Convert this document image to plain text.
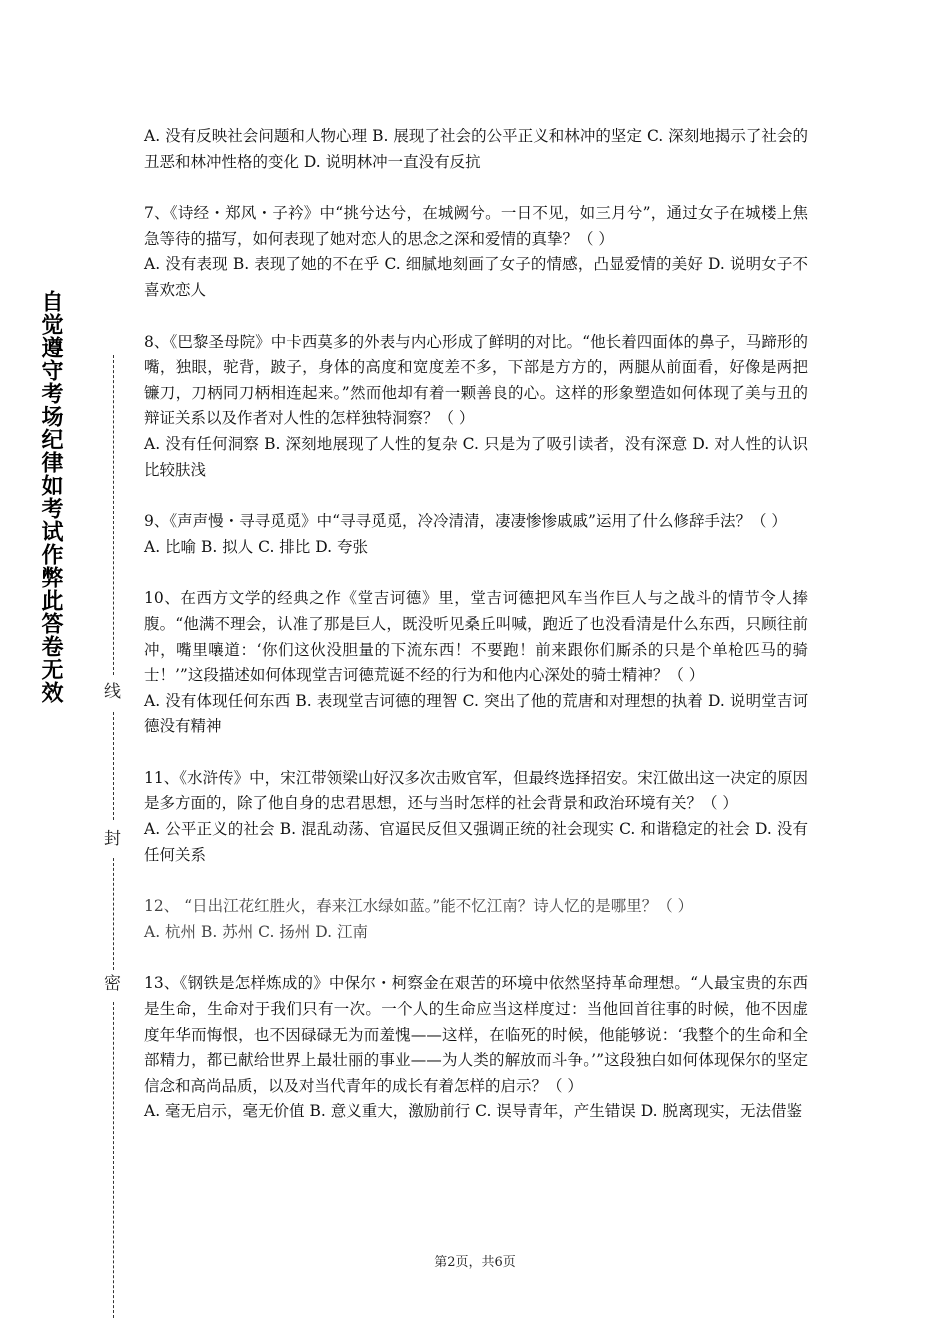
自觉遵守考场纪律如考试作弊此答卷无效 线
封
密

A. 没有反映社会问题和人物心理 B. 展现了社会的公平正义和林冲的坚定 C. 深刻地揭示了社会的丑恶和林冲性格的变化 D. 说明林冲一直没有反抗

7、《诗经・郑风・子衿》中“挑兮达兮，在城阙兮。一日不见，如三月兮”，通过女子在城楼上焦急等待的描写，如何表现了她对恋人的思念之深和爱情的真挚？（ ）

A. 没有表现 B. 表现了她的不在乎 C. 细腻地刻画了女子的情感，凸显爱情的美好 D. 说明女子不喜欢恋人

8、《巴黎圣母院》中卡西莫多的外表与内心形成了鲜明的对比。“他长着四面体的鼻子，马蹄形的嘴，独眼，驼背，跛子，身体的高度和宽度差不多，下部是方方的，两腿从前面看，好像是两把镰刀，刀柄同刀柄相连起来。”然而他却有着一颗善良的心。这样的形象塑造如何体现了美与丑的辩证关系以及作者对人性的怎样独特洞察？（ ）

A. 没有任何洞察 B. 深刻地展现了人性的复杂 C. 只是为了吸引读者，没有深意 D. 对人性的认识比较肤浅

9、《声声慢・寻寻觅觅》中“寻寻觅觅，冷冷清清，凄凄惨惨戚戚”运用了什么修辞手法？（ ）

A. 比喻 B. 拟人 C. 排比 D. 夸张

10、在西方文学的经典之作《堂吉诃德》里，堂吉诃德把风车当作巨人与之战斗的情节令人捧腹。“他满不理会，认准了那是巨人，既没听见桑丘叫喊，跑近了也没看清是什么东西，只顾往前冲，嘴里嚷道：‘你们这伙没胆量的下流东西！不要跑！前来跟你们厮杀的只是个单枪匹马的骑士！’”这段描述如何体现堂吉诃德荒诞不经的行为和他内心深处的骑士精神？（ ）

A. 没有体现任何东西 B. 表现堂吉诃德的理智 C. 突出了他的荒唐和对理想的执着 D. 说明堂吉诃德没有精神

11、《水浒传》中，宋江带领梁山好汉多次击败官军，但最终选择招安。宋江做出这一决定的原因是多方面的，除了他自身的忠君思想，还与当时怎样的社会背景和政治环境有关？（ ）

A. 公平正义的社会 B. 混乱动荡、官逼民反但又强调正统的社会现实 C. 和谐稳定的社会 D. 没有任何关系

12、 “日出江花红胜火，春来江水绿如蓝。”能不忆江南？诗人忆的是哪里？（ ）

A. 杭州 B. 苏州 C. 扬州 D. 江南

13、《钢铁是怎样炼成的》中保尔・柯察金在艰苦的环境中依然坚持革命理想。“人最宝贵的东西是生命，生命对于我们只有一次。一个人的生命应当这样度过：当他回首往事的时候，他不因虚度年华而悔恨，也不因碌碌无为而羞愧——这样，在临死的时候，他能够说：‘我整个的生命和全部精力，都已献给世界上最壮丽的事业——为人类的解放而斗争。’”这段独白如何体现保尔的坚定信念和高尚品质，以及对当代青年的成长有着怎样的启示？（ ）

A. 毫无启示，毫无价值 B. 意义重大，激励前行 C. 误导青年，产生错误 D. 脱离现实，无法借鉴

第2页，共6页
